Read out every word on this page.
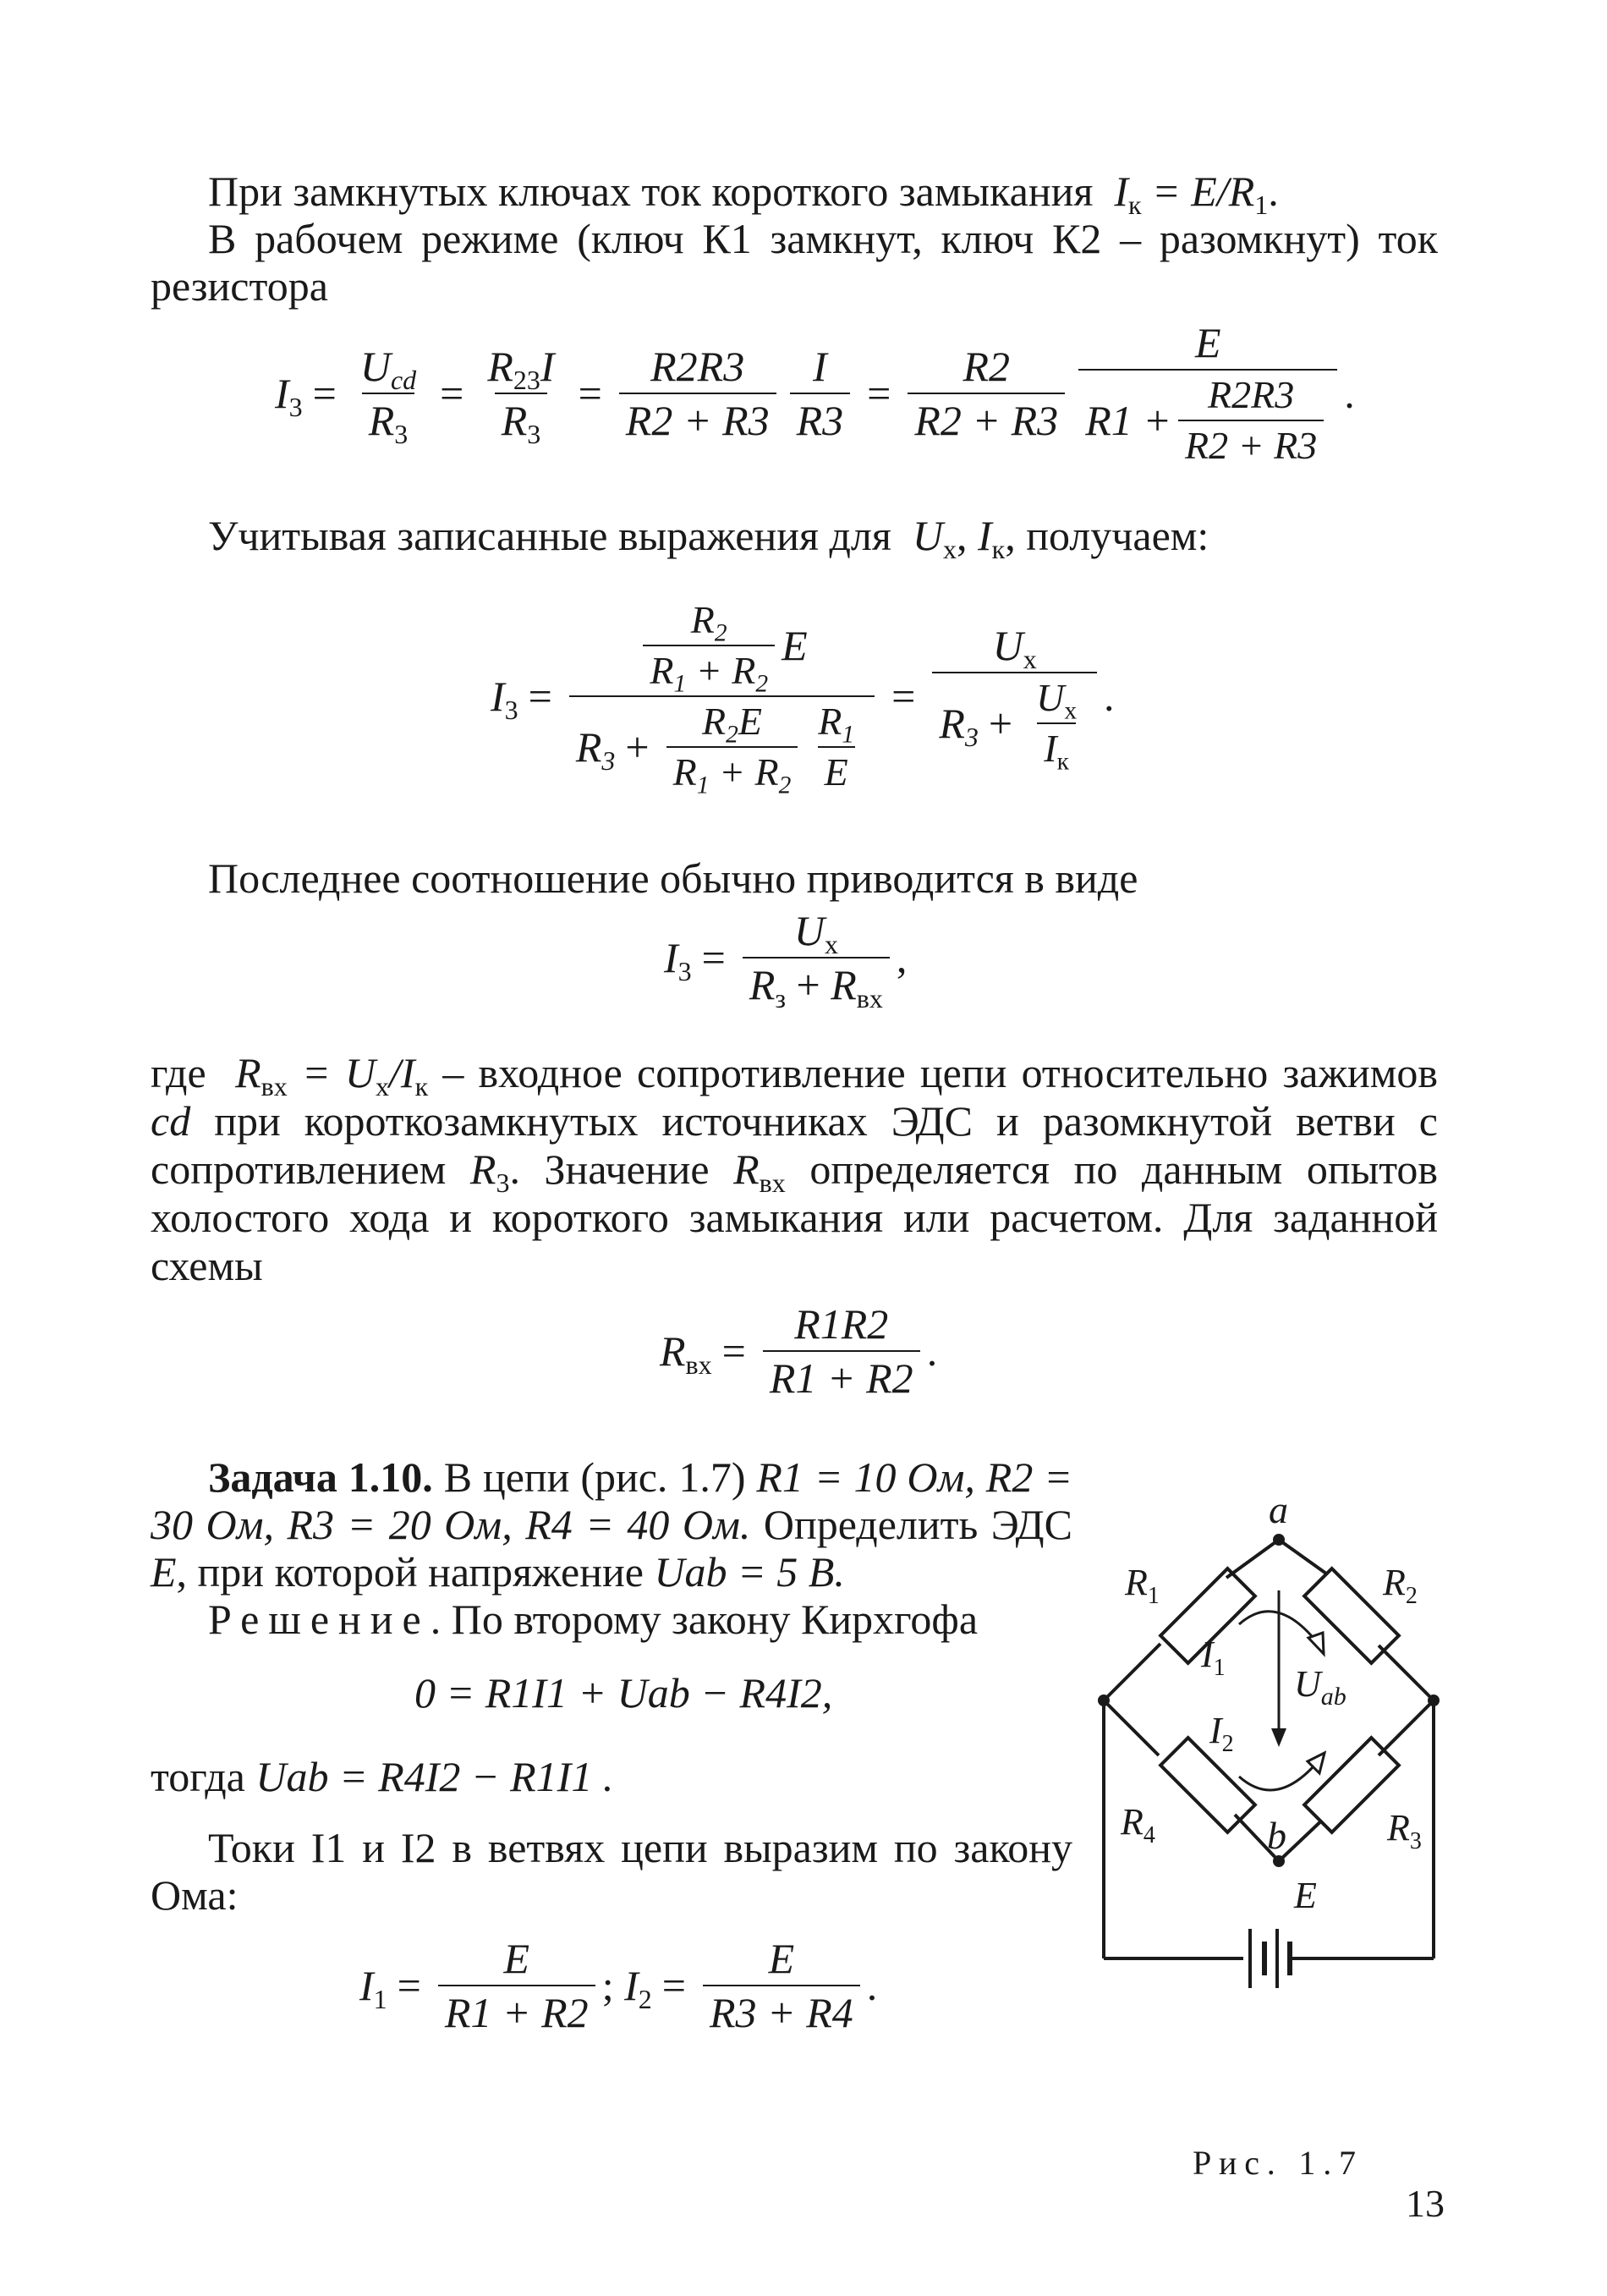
При замкнутых ключах ток короткого замыкания $I_к = E/R_1$.
В рабочем режиме (ключ К1 замкнут, ключ К2 – разомкнут) ток резистора
$I_3 = \frac{U_{cd}}{R_3} = \frac{R_{23}I}{R_3} = \frac{R2R3}{R2 + R3} \frac{I}{R3} = \frac{R2}{R2 + R3} \frac{E}{R1 + \frac{R2R3}{R2 + R3}}$ .
Учитывая записанные выражения для $U_х$, $I_к$, получаем:
$I_3$ =
$\frac{R_2}{R_1 + R_2}$ E
$R_3 + \frac{R_2E}{R_1 + R_2} \frac{R_1}{E}$
= $\frac{U_х}{R_3 + \frac{U_х}{I_к}}$ .
Последнее соотношение обычно приводится в виде
$I_3 = \frac{U_х}{R_з + R_{вх}}$ ,
где $R_{вх} = U_х/I_к$ – входное сопротивление цепи относительно зажимов cd при короткозамкнутых источниках ЭДС и разомкнутой ветви с сопротивлением $R_3$. Значение $R_{вх}$ определяется по данным опытов холостого хода и короткого замыкания или расчетом. Для заданной схемы
$R_{вх} = \frac{R1R2}{R1 + R2}$ .
Задача 1.10. В цепи (рис. 1.7) R1 = 10 Ом, R2 = 30 Ом, R3 = 20 Ом, R4 = 40 Ом. Определить ЭДС E, при которой напряжение Uab = 5 В.
Решение. По второму закону Кирхгофа
0 = R1I1 + Uab − R4I2,
тогда Uab = R4I2 − R1I1 .
Токи I1 и I2 в ветвях цепи выразим по закону Ома:
$I_1 = \frac{E}{R1 + R2}$ ; $I_2 = \frac{E}{R3 + R4}$ .
a
b
$R_1$	$R_2$
$R_3$
$R_4$
$I_1$
$I_2$
$U_{ab}$
E
Рис. 1.7
13
